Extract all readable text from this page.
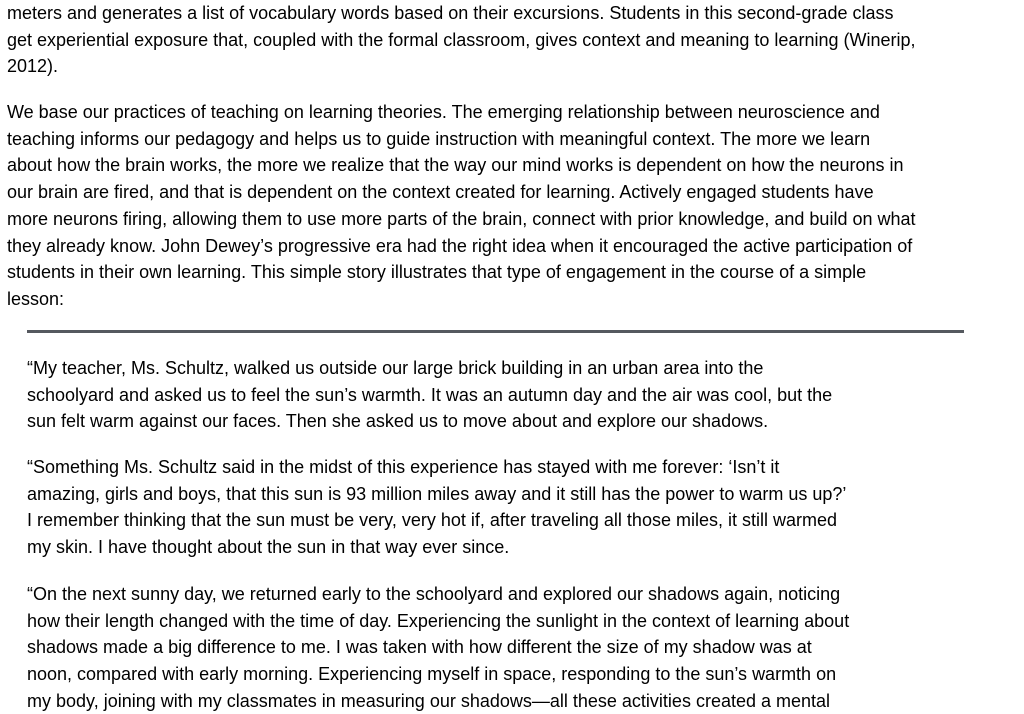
meters and generates a list of vocabulary words based on their excursions. Students in this second-grade class
get experiential exposure that, coupled with the formal classroom, gives context and meaning to learning (Winerip,
2012).

We base our practices of teaching on learning theories. The emerging relationship between neuroscience and
teaching informs our pedagogy and helps us to guide instruction with meaningful context. The more we learn
about how the brain works, the more we realize that the way our mind works is dependent on how the neurons in
our brain are fired, and that is dependent on the context created for learning. Actively engaged students have
more neurons firing, allowing them to use more parts of the brain, connect with prior knowledge, and build on what
they already know. John Dewey’s progressive era had the right idea when it encouraged the active participation of
students in their own learning. This simple story illustrates that type of engagement in the course of a simple
lesson:

“My teacher, Ms. Schultz, walked us outside our large brick building in an urban area into the
schoolyard and asked us to feel the sun’s warmth. It was an autumn day and the air was cool, but the
sun felt warm against our faces. Then she asked us to move about and explore our shadows.

“Something Ms. Schultz said in the midst of this experience has stayed with me forever: ‘Isn’t it
amazing, girls and boys, that this sun is 93 million miles away and it still has the power to warm us up?’
I remember thinking that the sun must be very, very hot if, after traveling all those miles, it still warmed
my skin. I have thought about the sun in that way ever since.

“On the next sunny day, we returned early to the schoolyard and explored our shadows again, noticing
how their length changed with the time of day. Experiencing the sunlight in the context of learning about
shadows made a big difference to me. I was taken with how different the size of my shadow was at
noon, compared with early morning. Experiencing myself in space, responding to the sun’s warmth on
my body, joining with my classmates in measuring our shadows—all these activities created a mental
